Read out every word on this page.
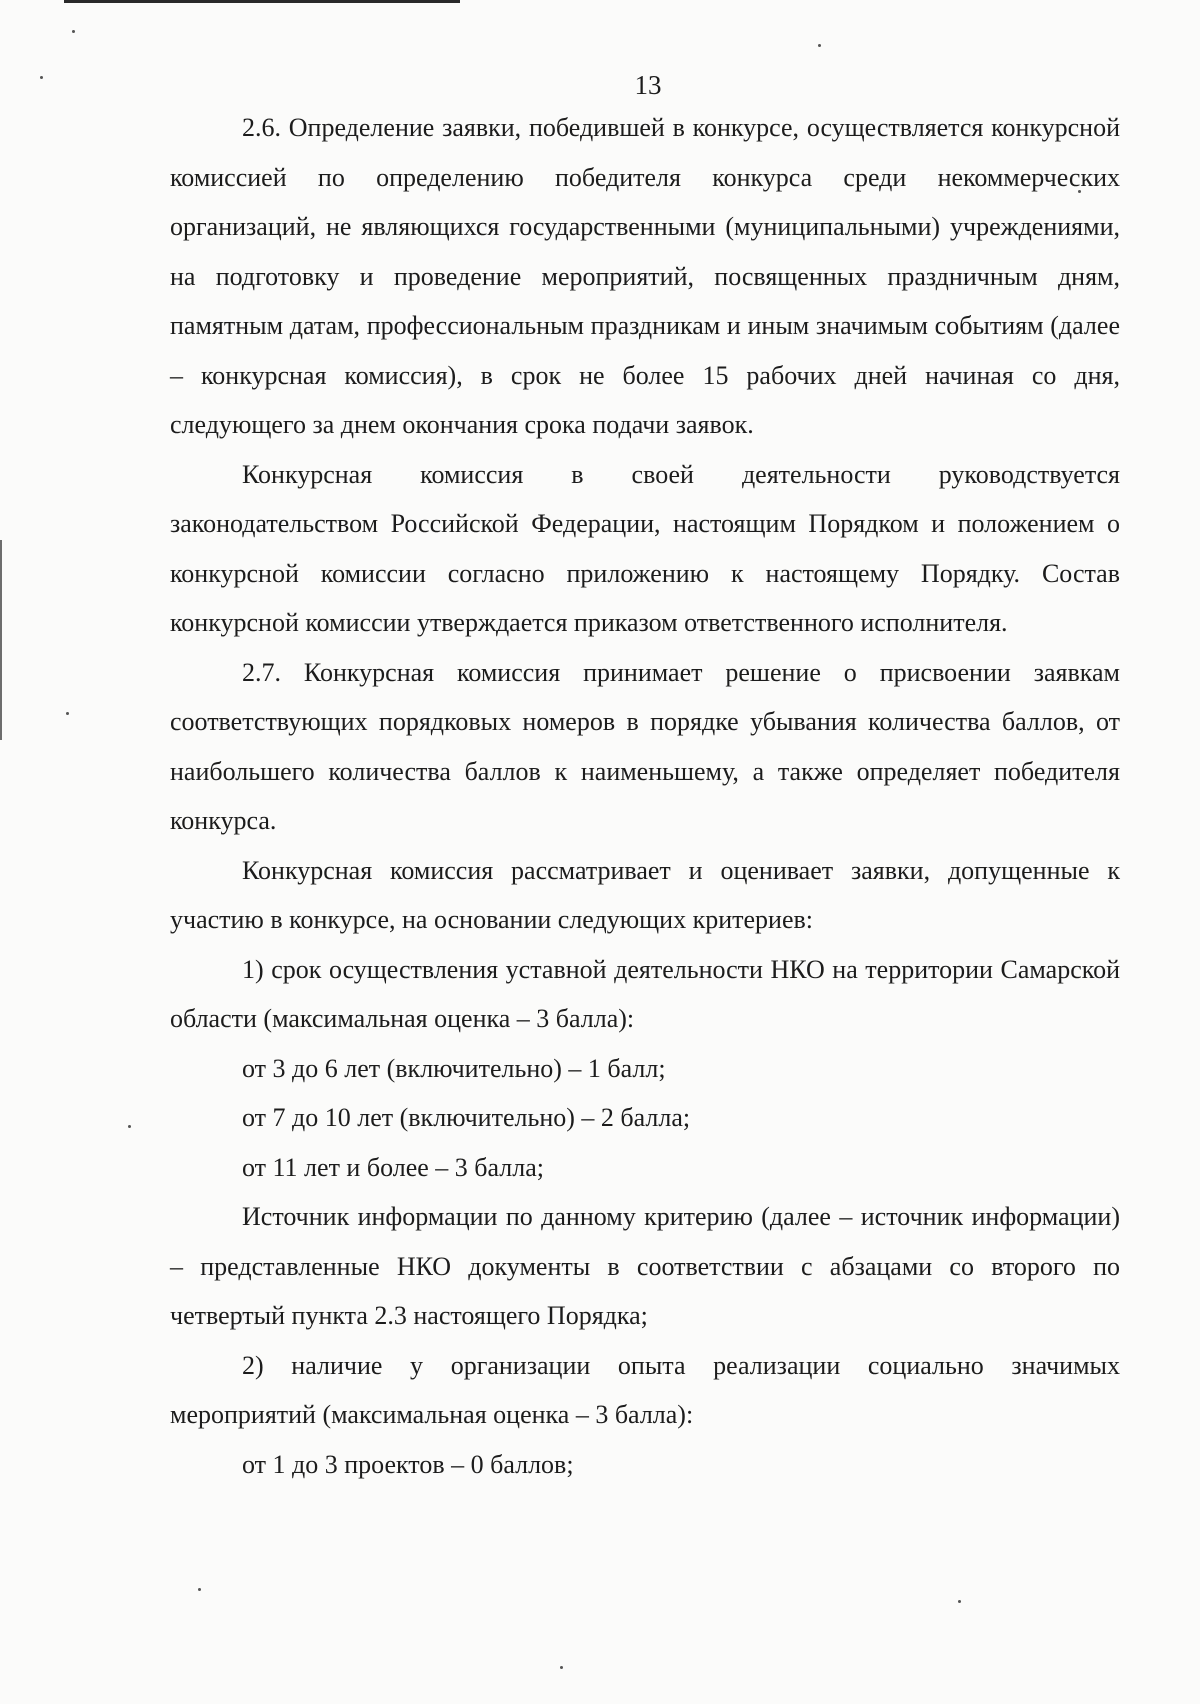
13

2.6. Определение заявки, победившей в конкурсе, осуществляется конкурсной комиссией по определению победителя конкурса среди некоммерческих организаций, не являющихся государственными (муниципальными) учреждениями, на подготовку и проведение мероприятий, посвященных праздничным дням, памятным датам, профессиональным праздникам и иным значимым событиям (далее – конкурсная комиссия), в срок не более 15 рабочих дней начиная со дня, следующего за днем окончания срока подачи заявок.

Конкурсная комиссия в своей деятельности руководствуется законодательством Российской Федерации, настоящим Порядком и положением о конкурсной комиссии согласно приложению к настоящему Порядку. Состав конкурсной комиссии утверждается приказом ответственного исполнителя.

2.7. Конкурсная комиссия принимает решение о присвоении заявкам соответствующих порядковых номеров в порядке убывания количества баллов, от наибольшего количества баллов к наименьшему, а также определяет победителя конкурса.

Конкурсная комиссия рассматривает и оценивает заявки, допущенные к участию в конкурсе, на основании следующих критериев:

1) срок осуществления уставной деятельности НКО на территории Самарской области (максимальная оценка – 3 балла):

от 3 до 6 лет (включительно) – 1 балл;

от 7 до 10 лет (включительно) – 2 балла;

от 11 лет и более – 3 балла;

Источник информации по данному критерию (далее – источник информации) – представленные НКО документы в соответствии с абзацами со второго по четвертый пункта 2.3 настоящего Порядка;

2) наличие у организации опыта реализации социально значимых мероприятий (максимальная оценка – 3 балла):

от 1 до 3 проектов – 0 баллов;
